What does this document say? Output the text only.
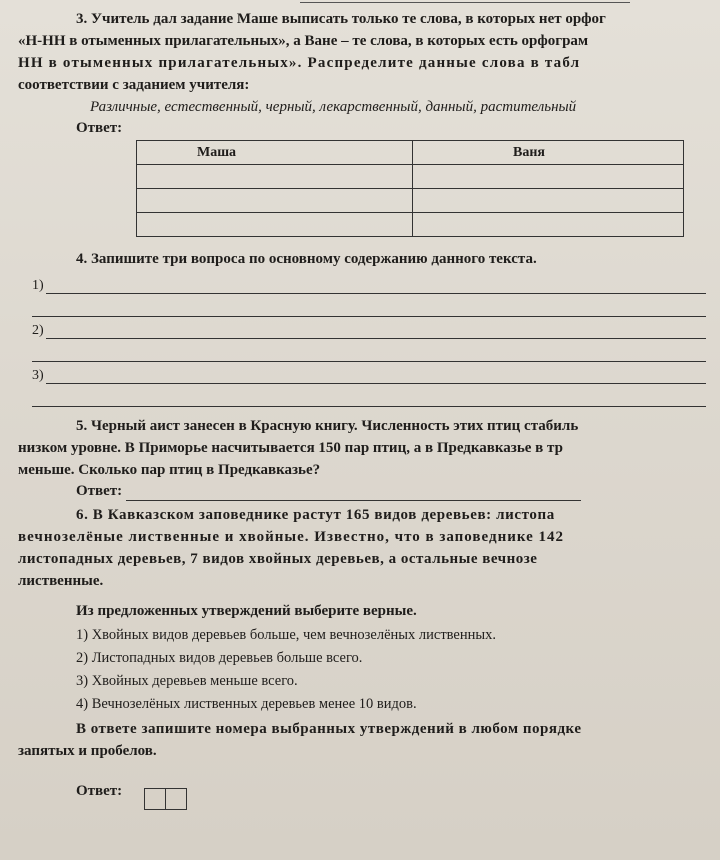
3. Учитель дал задание Маше выписать только те слова, в которых нет орфог

«Н-НН в отыменных прилагательных», а Ване – те слова, в которых есть орфограм

НН в отыменных прилагательных». Распределите данные слова в табл

соответствии с заданием учителя:

Различные, естественный, черный, лекарственный, данный, растительный

Ответ:

Маша	Ваня

4. Запишите три вопроса по основному содержанию данного текста.

1)
2)
3)

5. Черный аист занесен в Красную книгу. Численность этих птиц стабиль

низком уровне. В Приморье насчитывается 150 пар птиц, а в Предкавказье в тр

меньше. Сколько пар птиц в Предкавказье?

Ответ:

6. В Кавказском заповеднике растут 165 видов деревьев: листопа

вечнозелёные лиственные и хвойные. Известно, что в заповеднике 142

листопадных деревьев, 7 видов хвойных деревьев, а остальные вечнозе

лиственные.

Из предложенных утверждений выберите верные.

1) Хвойных видов деревьев больше, чем вечнозелёных лиственных.

2) Листопадных видов деревьев больше всего.

3) Хвойных деревьев меньше всего.

4) Вечнозелёных лиственных деревьев менее 10 видов.

В ответе запишите номера выбранных утверждений в любом порядке

запятых и пробелов.

Ответ:
